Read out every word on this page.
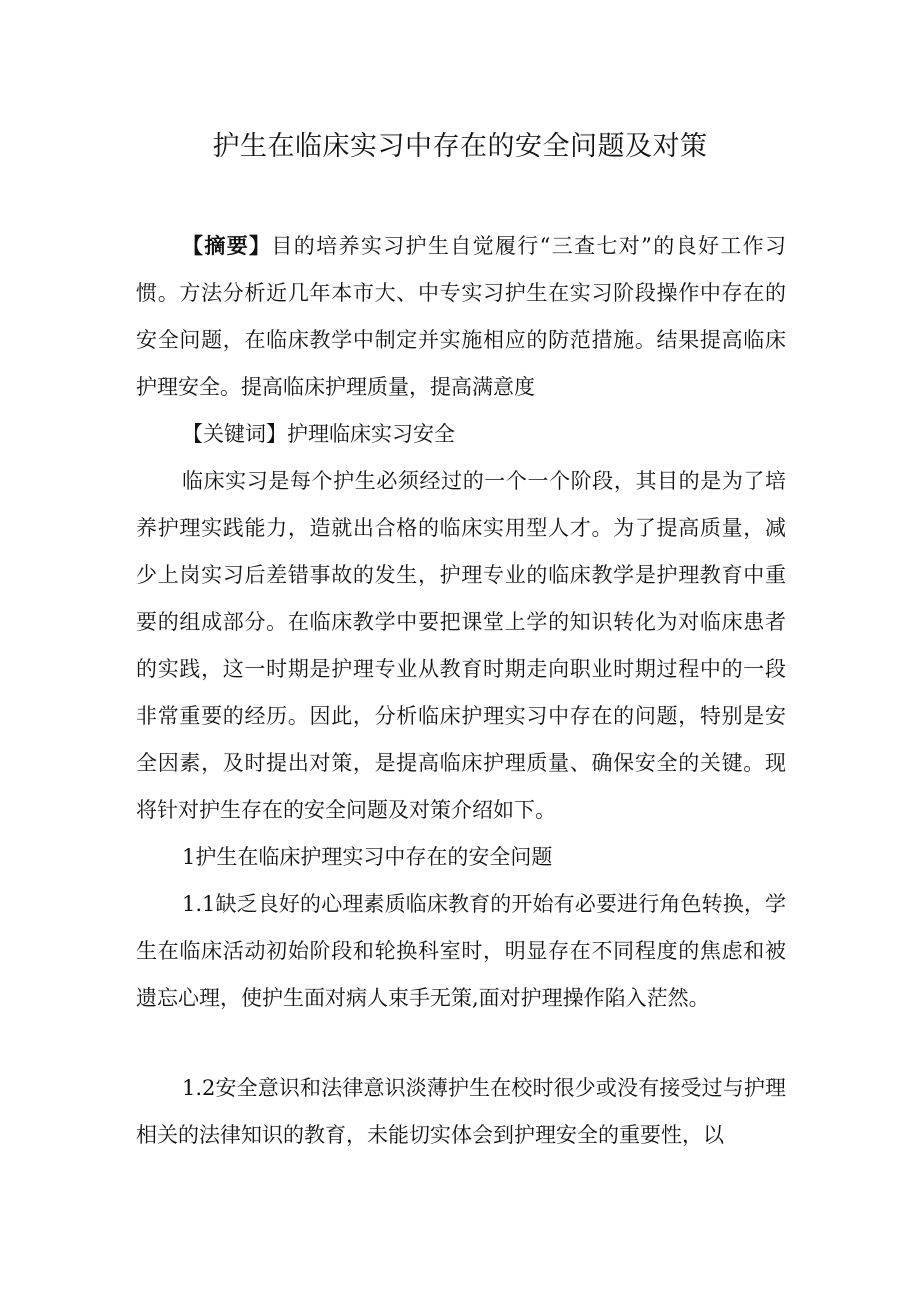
护生在临床实习中存在的安全问题及对策

【摘要】目的培养实习护生自觉履行“三查七对”的良好工作习惯。方法分析近几年本市大、中专实习护生在实习阶段操作中存在的安全问题，在临床教学中制定并实施相应的防范措施。结果提高临床护理安全。提高临床护理质量，提高满意度

【关键词】护理临床实习安全

临床实习是每个护生必须经过的一个一个阶段，其目的是为了培养护理实践能力，造就出合格的临床实用型人才。为了提高质量，减少上岗实习后差错事故的发生，护理专业的临床教学是护理教育中重要的组成部分。在临床教学中要把课堂上学的知识转化为对临床患者的实践，这一时期是护理专业从教育时期走向职业时期过程中的一段非常重要的经历。因此，分析临床护理实习中存在的问题，特别是安全因素，及时提出对策，是提高临床护理质量、确保安全的关键。现将针对护生存在的安全问题及对策介绍如下。

1护生在临床护理实习中存在的安全问题

1.1缺乏良好的心理素质临床教育的开始有必要进行角色转换，学生在临床活动初始阶段和轮换科室时，明显存在不同程度的焦虑和被遗忘心理，使护生面对病人束手无策,面对护理操作陷入茫然。

1.2安全意识和法律意识淡薄护生在校时很少或没有接受过与护理相关的法律知识的教育，未能切实体会到护理安全的重要性，以
